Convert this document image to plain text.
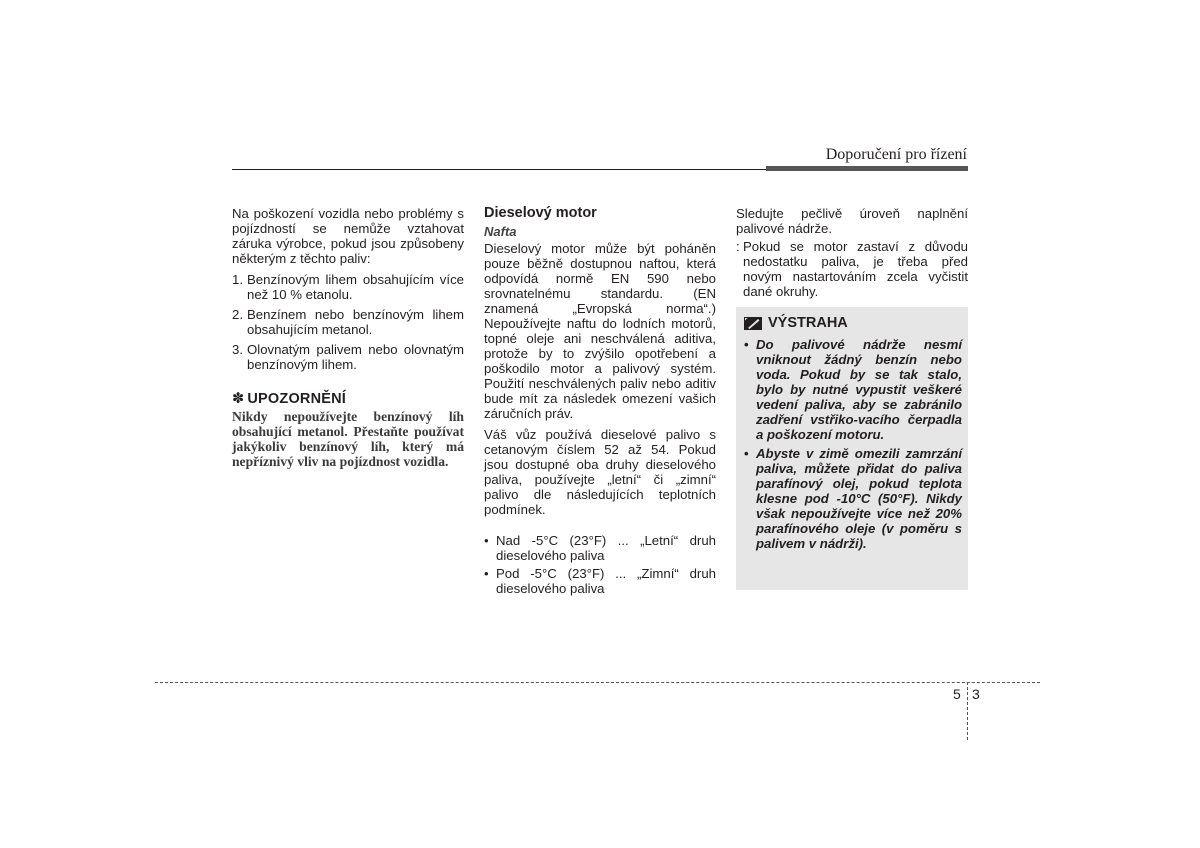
Doporučení pro řízení

Na poškození vozidla nebo problémy s pojízdností se nemůže vztahovat záruka výrobce, pokud jsou způsobeny některým z těchto paliv:

1. Benzínovým lihem obsahujícím více než 10 % etanolu.
2. Benzínem nebo benzínovým lihem obsahujícím metanol.
3. Olovnatým palivem nebo olovnatým benzínovým lihem.
✽ UPOZORNĚNÍ
Nikdy nepoužívejte benzínový líh obsahující metanol. Přestaňte používat jakýkoliv benzínový líh, který má nepříznivý vliv na pojízdnost vozidla.
Dieselový motor
Nafta

Dieselový motor může být poháněn pouze běžně dostupnou naftou, která odpovídá normě EN 590 nebo srovnatelnému standardu. (EN znamená „Evropská norma“.) Nepoužívejte naftu do lodních motorů, topné oleje ani neschválená aditiva, protože by to zvýšilo opotřebení a poškodilo motor a palivový systém. Použití neschválených paliv nebo aditiv bude mít za následek omezení vašich záručních práv.

Váš vůz používá dieselové palivo s cetanovým číslem 52 až 54. Pokud jsou dostupné oba druhy dieselového paliva, používejte „letní“ či „zimní“ palivo dle následujících teplotních podmínek.

• Nad -5°C (23°F) ... „Letní“ druh dieselového paliva
• Pod -5°C (23°F) ... „Zimní“ druh dieselového paliva

Sledujte pečlivě úroveň naplnění palivové nádrže.

: Pokud se motor zastaví z důvodu nedostatku paliva, je třeba před novým nastartováním zcela vyčistit dané okruhy.

VÝSTRAHA
• Do palivové nádrže nesmí vniknout žádný benzín nebo voda. Pokud by se tak stalo, bylo by nutné vypustit veškeré vedení paliva, aby se zabránilo zadření vstřiko-vacího čerpadla a poškození motoru.
• Abyste v zimě omezili zamrzání paliva, můžete přidat do paliva parafínový olej, pokud teplota klesne pod -10°C (50°F). Nikdy však nepoužívejte více než 20% parafínového oleje (v poměru s palivem v nádrži).
5 3
